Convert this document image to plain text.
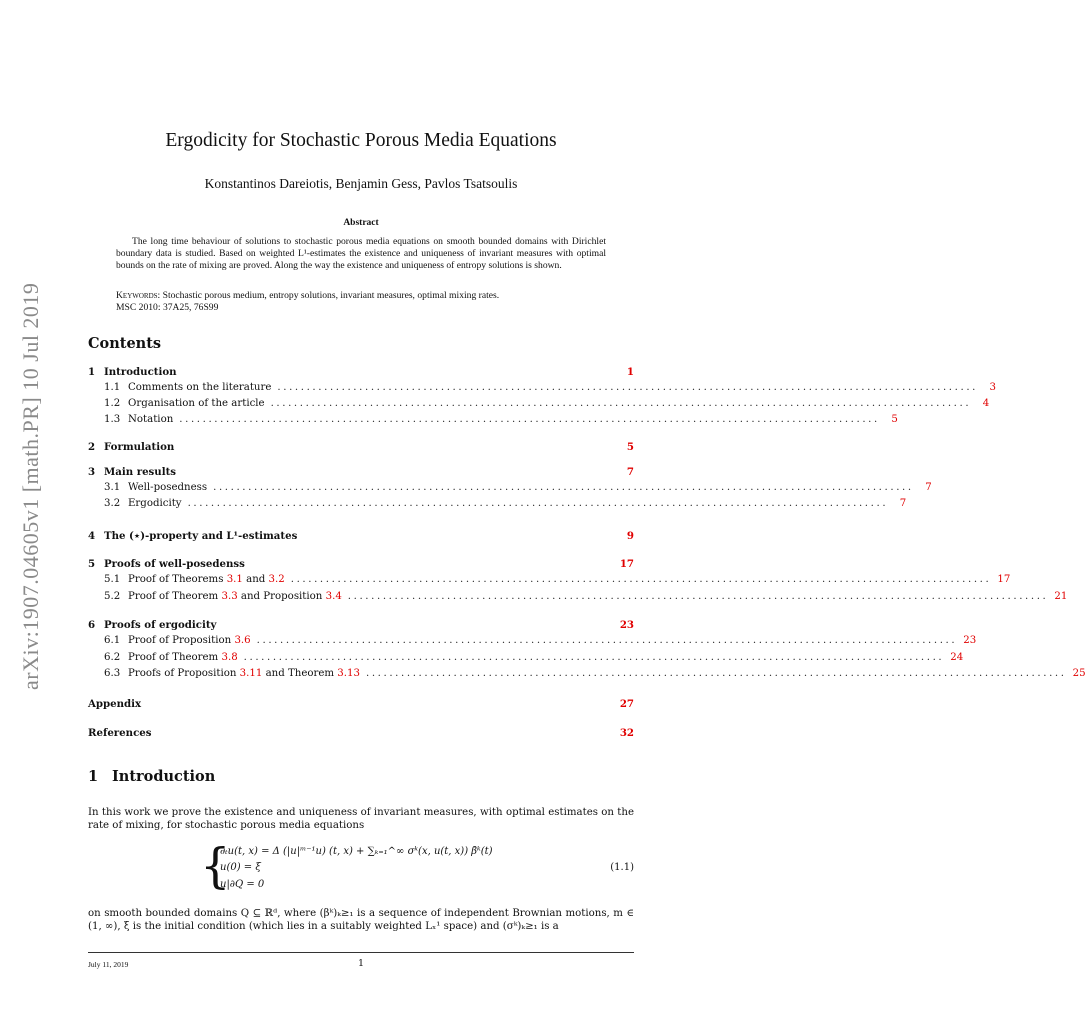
arXiv:1907.04605v1 [math.PR] 10 Jul 2019
Ergodicity for Stochastic Porous Media Equations
Konstantinos Dareiotis, Benjamin Gess, Pavlos Tsatsoulis
Abstract
The long time behaviour of solutions to stochastic porous media equations on smooth bounded domains with Dirichlet boundary data is studied. Based on weighted L¹-estimates the existence and uniqueness of invariant measures with optimal bounds on the rate of mixing are proved. Along the way the existence and uniqueness of entropy solutions is shown.
Keywords: Stochastic porous medium, entropy solutions, invariant measures, optimal mixing rates.
MSC 2010: 37A25, 76S99
Contents
1 Introduction	1
1.1 Comments on the literature ........................................................................................................................	3
1.2 Organisation of the article ........................................................................................................................	4
1.3 Notation ........................................................................................................................	5
2 Formulation	5
3 Main results	7
3.1 Well-posedness ........................................................................................................................	7
3.2 Ergodicity ........................................................................................................................	7
4 The (⋆)-property and L¹-estimates	9
5 Proofs of well-posedenss	17
5.1 Proof of Theorems 3.1 and 3.2 ........................................................................................................................ 17
5.2 Proof of Theorem 3.3 and Proposition 3.4 ........................................................................................................................ 21
6 Proofs of ergodicity	23
6.1 Proof of Proposition 3.6 ........................................................................................................................ 23
6.2 Proof of Theorem 3.8 ........................................................................................................................ 24
6.3 Proofs of Proposition 3.11 and Theorem 3.13 ........................................................................................................................ 25
Appendix	27
References	32
1 Introduction
In this work we prove the existence and uniqueness of invariant measures, with optimal estimates on the rate of mixing, for stochastic porous media equations
{
∂ₜu(t, x) = Δ (|u|ᵐ⁻¹u) (t, x) + ∑ₖ₌₁^∞ σᵏ(x, u(t, x)) β̇ᵏ(t)
u(0) = ξ
u|∂Q = 0
(1.1)
on smooth bounded domains Q ⊆ ℝᵈ, where (βᵏ)ₖ≥₁ is a sequence of independent Brownian motions, m ∈ (1, ∞), ξ is the initial condition (which lies in a suitably weighted Lₓ¹ space) and (σᵏ)ₖ≥₁ is a
July 11, 2019	1
